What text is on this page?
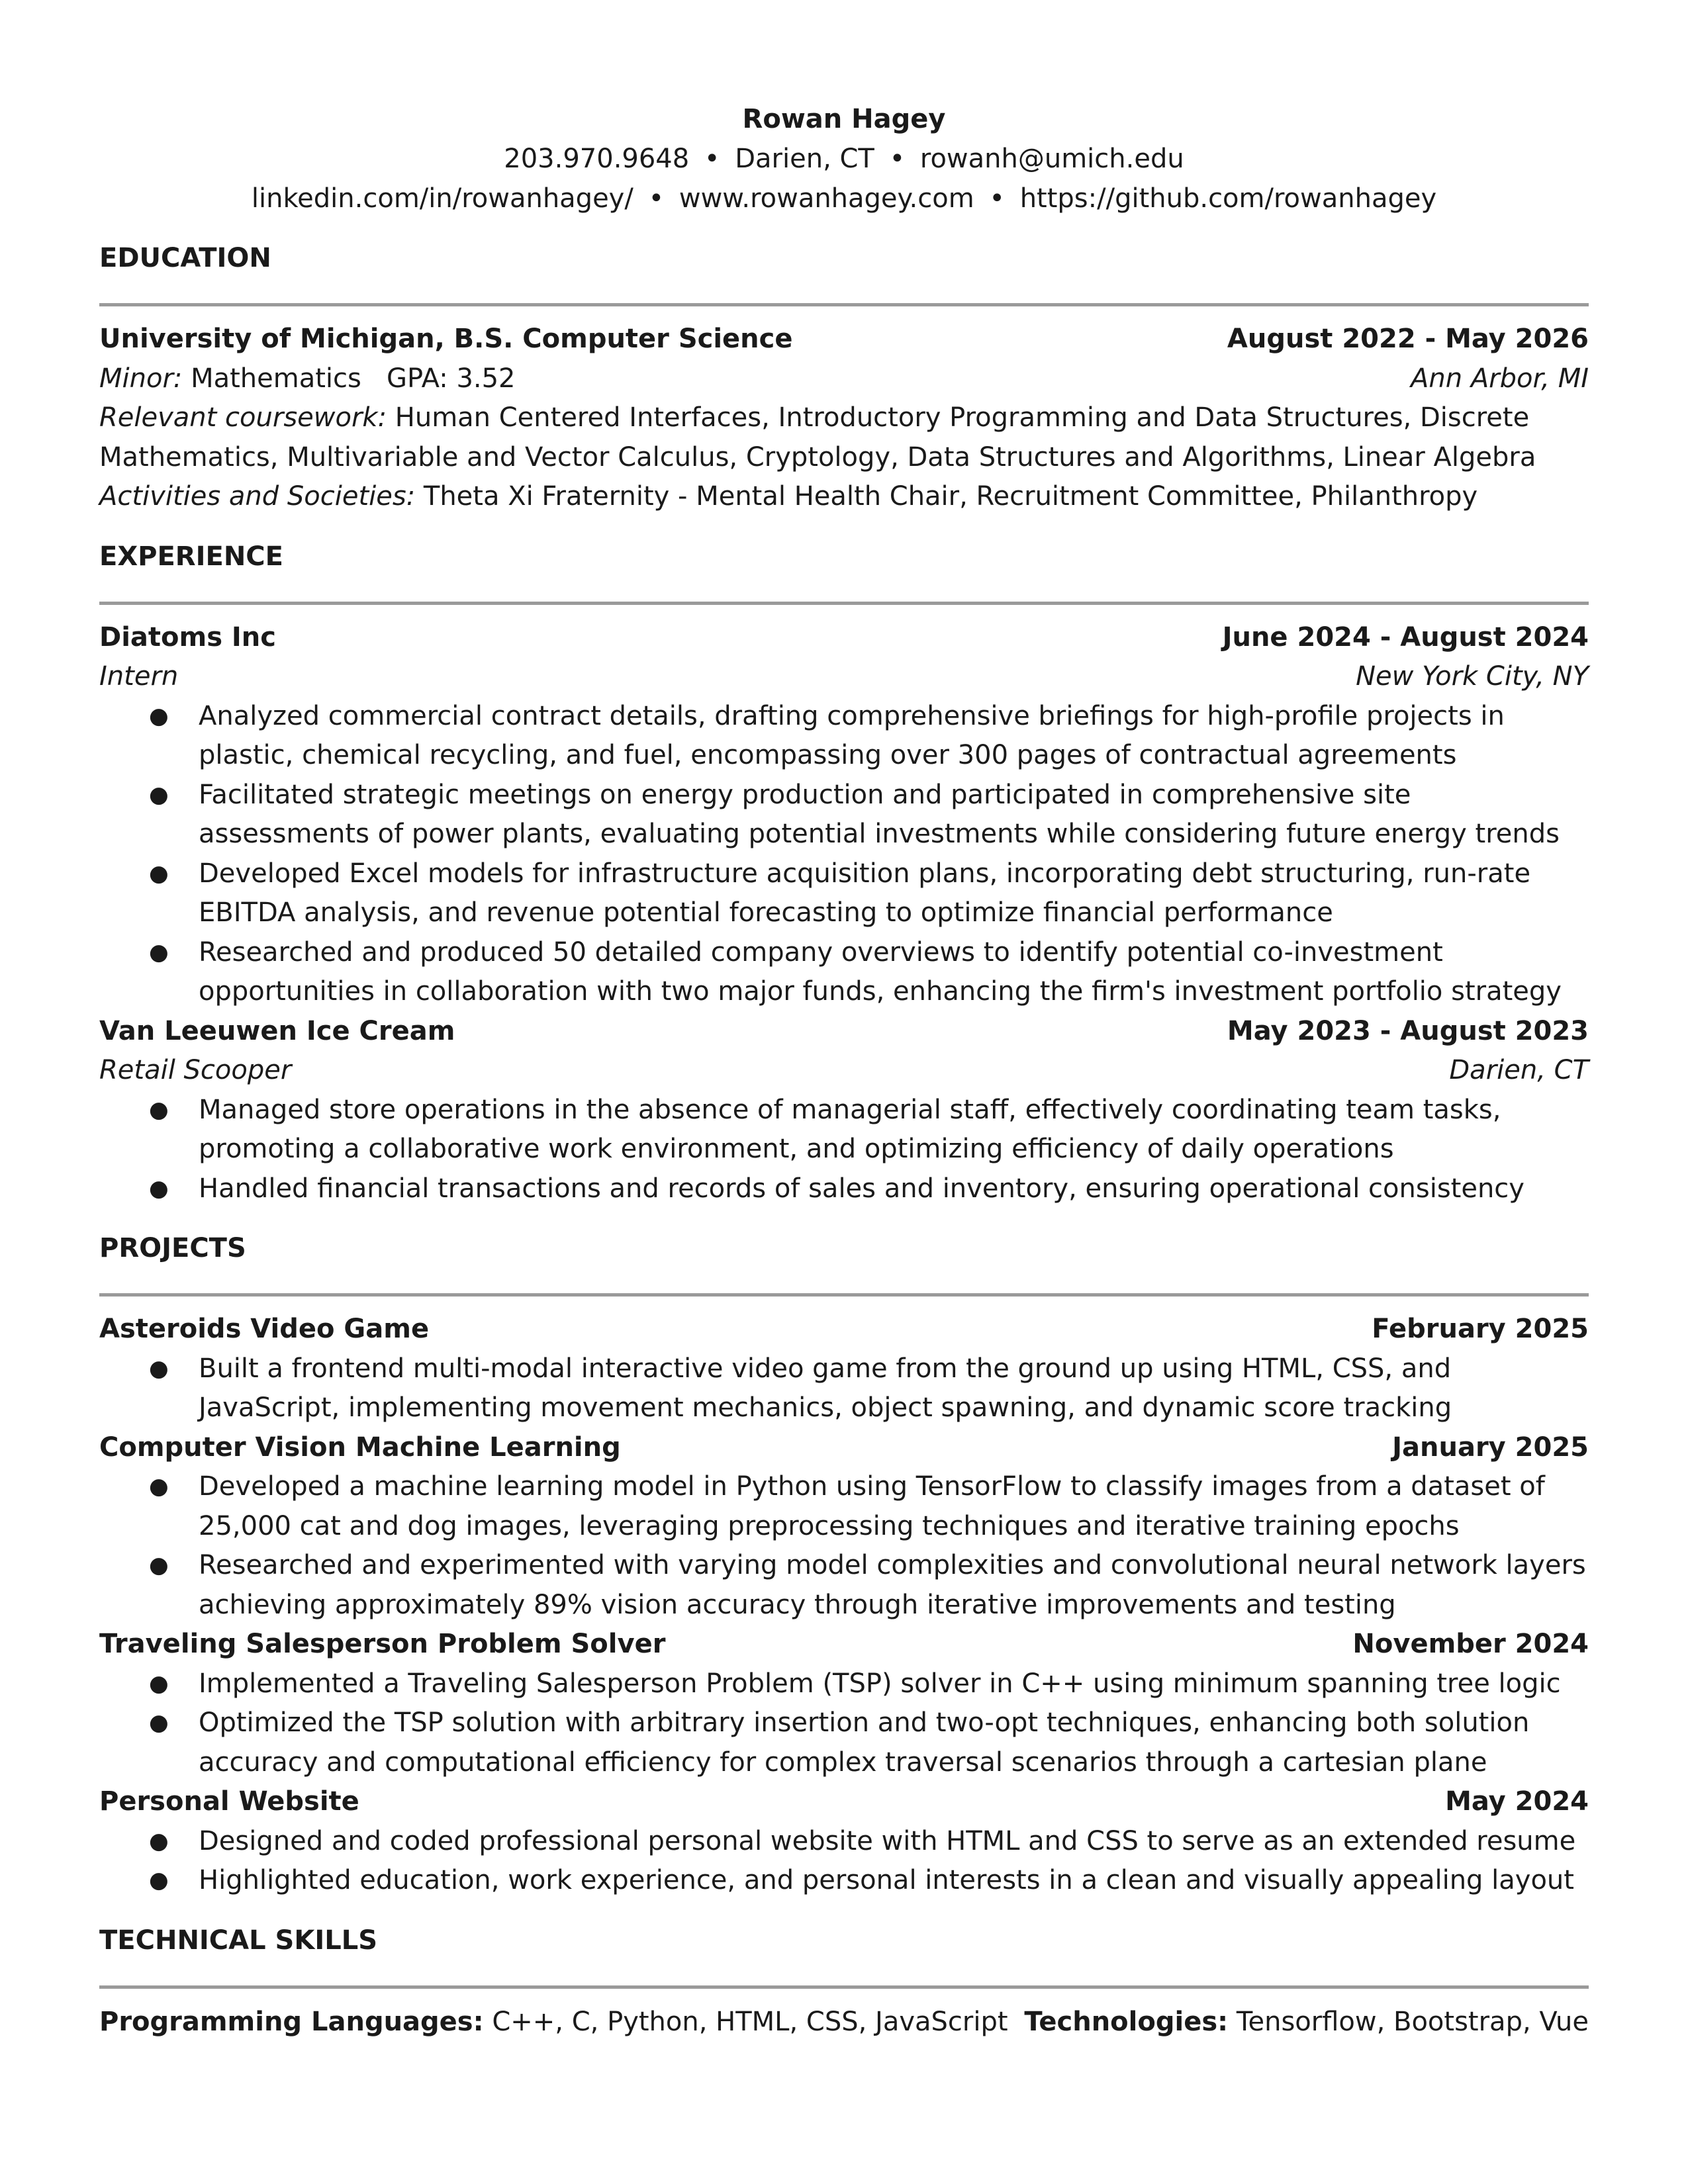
Rowan Hagey
203.970.9648 • Darien, CT • rowanh@umich.edu
linkedin.com/in/rowanhagey/ • www.rowanhagey.com • https://github.com/rowanhagey
EDUCATION
University of Michigan, B.S. Computer Science	August 2022 - May 2026
Minor: Mathematics GPA: 3.52	Ann Arbor, MI
Relevant coursework: Human Centered Interfaces, Introductory Programming and Data Structures, Discrete Mathematics, Multivariable and Vector Calculus, Cryptology, Data Structures and Algorithms, Linear Algebra
Activities and Societies: Theta Xi Fraternity - Mental Health Chair, Recruitment Committee, Philanthropy
EXPERIENCE
Diatoms Inc	June 2024 - August 2024
Intern	New York City, NY
● Analyzed commercial contract details, drafting comprehensive briefings for high-profile projects in plastic, chemical recycling, and fuel, encompassing over 300 pages of contractual agreements
● Facilitated strategic meetings on energy production and participated in comprehensive site assessments of power plants, evaluating potential investments while considering future energy trends
● Developed Excel models for infrastructure acquisition plans, incorporating debt structuring, run-rate EBITDA analysis, and revenue potential forecasting to optimize financial performance
● Researched and produced 50 detailed company overviews to identify potential co-investment opportunities in collaboration with two major funds, enhancing the firm's investment portfolio strategy
Van Leeuwen Ice Cream	May 2023 - August 2023
Retail Scooper	Darien, CT
● Managed store operations in the absence of managerial staff, effectively coordinating team tasks, promoting a collaborative work environment, and optimizing efficiency of daily operations
● Handled financial transactions and records of sales and inventory, ensuring operational consistency
PROJECTS
Asteroids Video Game	February 2025
● Built a frontend multi-modal interactive video game from the ground up using HTML, CSS, and JavaScript, implementing movement mechanics, object spawning, and dynamic score tracking
Computer Vision Machine Learning	January 2025
● Developed a machine learning model in Python using TensorFlow to classify images from a dataset of 25,000 cat and dog images, leveraging preprocessing techniques and iterative training epochs
● Researched and experimented with varying model complexities and convolutional neural network layers achieving approximately 89% vision accuracy through iterative improvements and testing
Traveling Salesperson Problem Solver	November 2024
● Implemented a Traveling Salesperson Problem (TSP) solver in C++ using minimum spanning tree logic
● Optimized the TSP solution with arbitrary insertion and two-opt techniques, enhancing both solution accuracy and computational efficiency for complex traversal scenarios through a cartesian plane
Personal Website	May 2024
● Designed and coded professional personal website with HTML and CSS to serve as an extended resume
● Highlighted education, work experience, and personal interests in a clean and visually appealing layout
TECHNICAL SKILLS
Programming Languages: C++, C, Python, HTML, CSS, JavaScript Technologies: Tensorflow, Bootstrap, Vue
